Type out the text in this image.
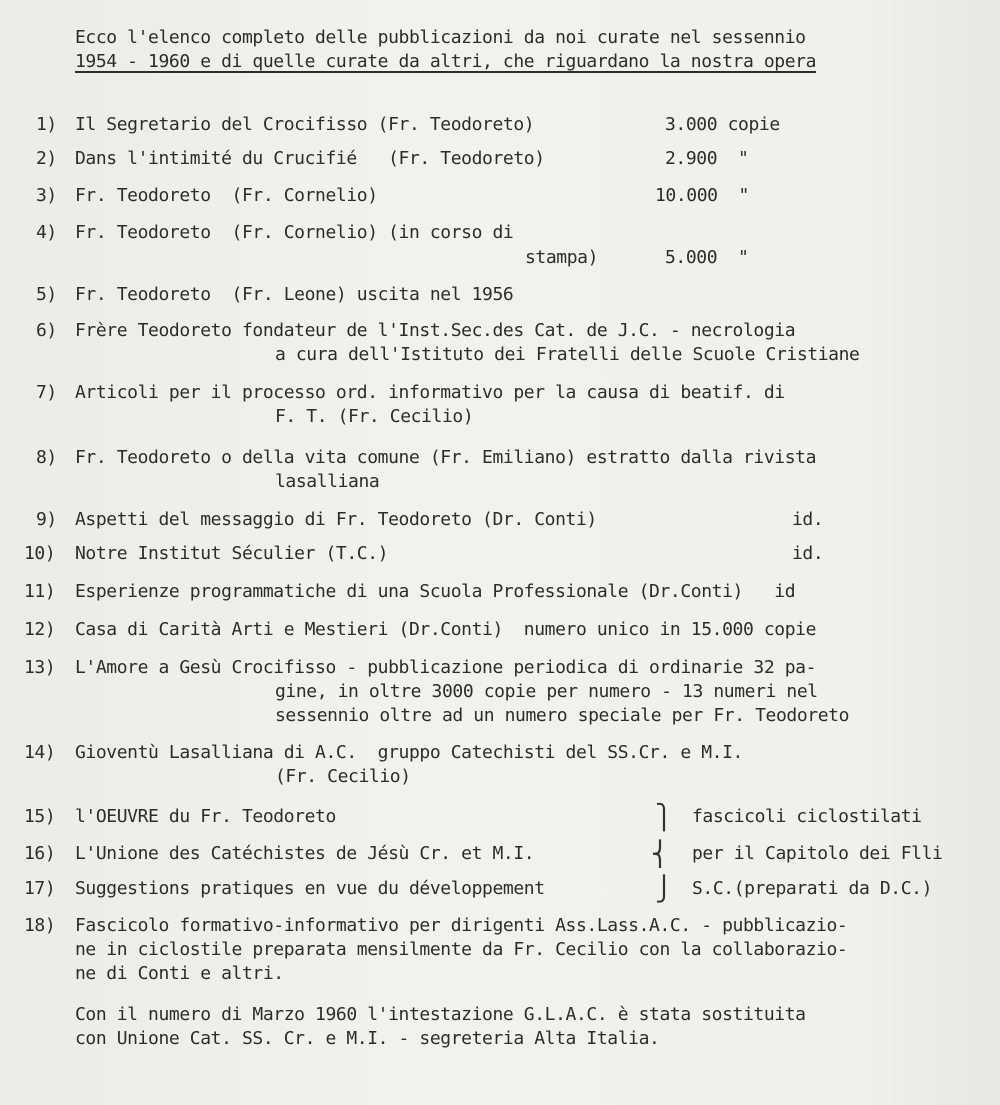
Ecco l'elenco completo delle pubblicazioni da noi curate nel sessennio
1954 - 1960 e di quelle curate da altri, che riguardano la nostra opera
1) Il Segretario del Crocifisso (Fr. Teodoreto)	3.000 copie
2) Dans l'intimité du Crucifié   (Fr. Teodoreto)	2.900  "
3) Fr. Teodoreto  (Fr. Cornelio)	10.000  "
4) Fr. Teodoreto  (Fr. Cornelio) (in corso di
stampa)	5.000  "
5) Fr. Teodoreto  (Fr. Leone) uscita nel 1956
6) Frère Teodoreto fondateur de l'Inst.Sec.des Cat. de J.C. - necrologia
a cura dell'Istituto dei Fratelli delle Scuole Cristiane
7) Articoli per il processo ord. informativo per la causa di beatif. di
F. T. (Fr. Cecilio)
8) Fr. Teodoreto o della vita comune (Fr. Emiliano) estratto dalla rivista
lasalliana
9) Aspetti del messaggio di Fr. Teodoreto (Dr. Conti)	id.
10) Notre Institut Séculier (T.C.)	id.
11) Esperienze programmatiche di una Scuola Professionale (Dr.Conti)   id
12) Casa di Carità Arti e Mestieri (Dr.Conti)  numero unico in 15.000 copie
13) L'Amore a Gesù Crocifisso - pubblicazione periodica di ordinarie 32 pa-
gine, in oltre 3000 copie per numero - 13 numeri nel
sessennio oltre ad un numero speciale per Fr. Teodoreto
14) Gioventù Lasalliana di A.C.  gruppo Catechisti del SS.Cr. e M.I.
(Fr. Cecilio)
15) l'OEUVRE du Fr. Teodoreto	fascicoli ciclostilati
16) L'Unione des Catéchistes de Jésù Cr. et M.I.	per il Capitolo dei Flli
17) Suggestions pratiques en vue du développement	S.C.(preparati da D.C.)
⎫
⎨
⎭
18) Fascicolo formativo-informativo per dirigenti Ass.Lass.A.C. - pubblicazio-
ne in ciclostile preparata mensilmente da Fr. Cecilio con la collaborazio-
ne di Conti e altri.
Con il numero di Marzo 1960 l'intestazione G.L.A.C. è stata sostituita
con Unione Cat. SS. Cr. e M.I. - segreteria Alta Italia.
